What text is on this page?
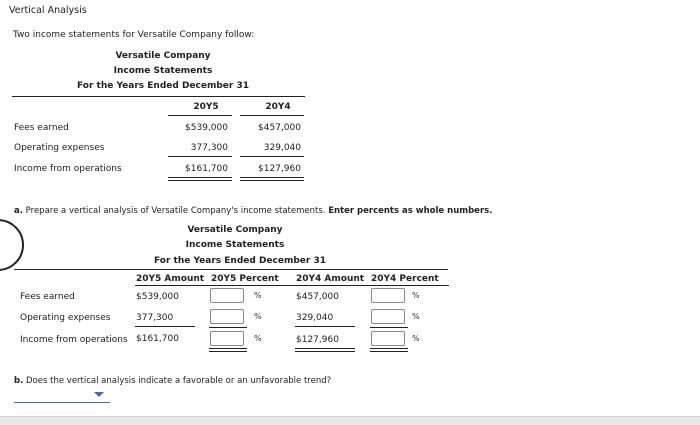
Vertical Analysis
Two income statements for Versatile Company follow:
Versatile Company
Income Statements
For the Years Ended December 31
20Y5	20Y4
Fees earned	$539,000	$457,000
Operating expenses	377,300	329,040
Income from operations	$161,700	$127,960
a. Prepare a vertical analysis of Versatile Company's income statements. Enter percents as whole numbers.
Versatile Company
Income Statements
For the Years Ended December 31
20Y5 Amount 20Y5 Percent 20Y4 Amount 20Y4 Percent
Fees earned	$539,000	%	$457,000	%
Operating expenses	377,300	%	329,040	%
Income from operations $161,700	%	$127,960	%
b. Does the vertical analysis indicate a favorable or an unfavorable trend?
